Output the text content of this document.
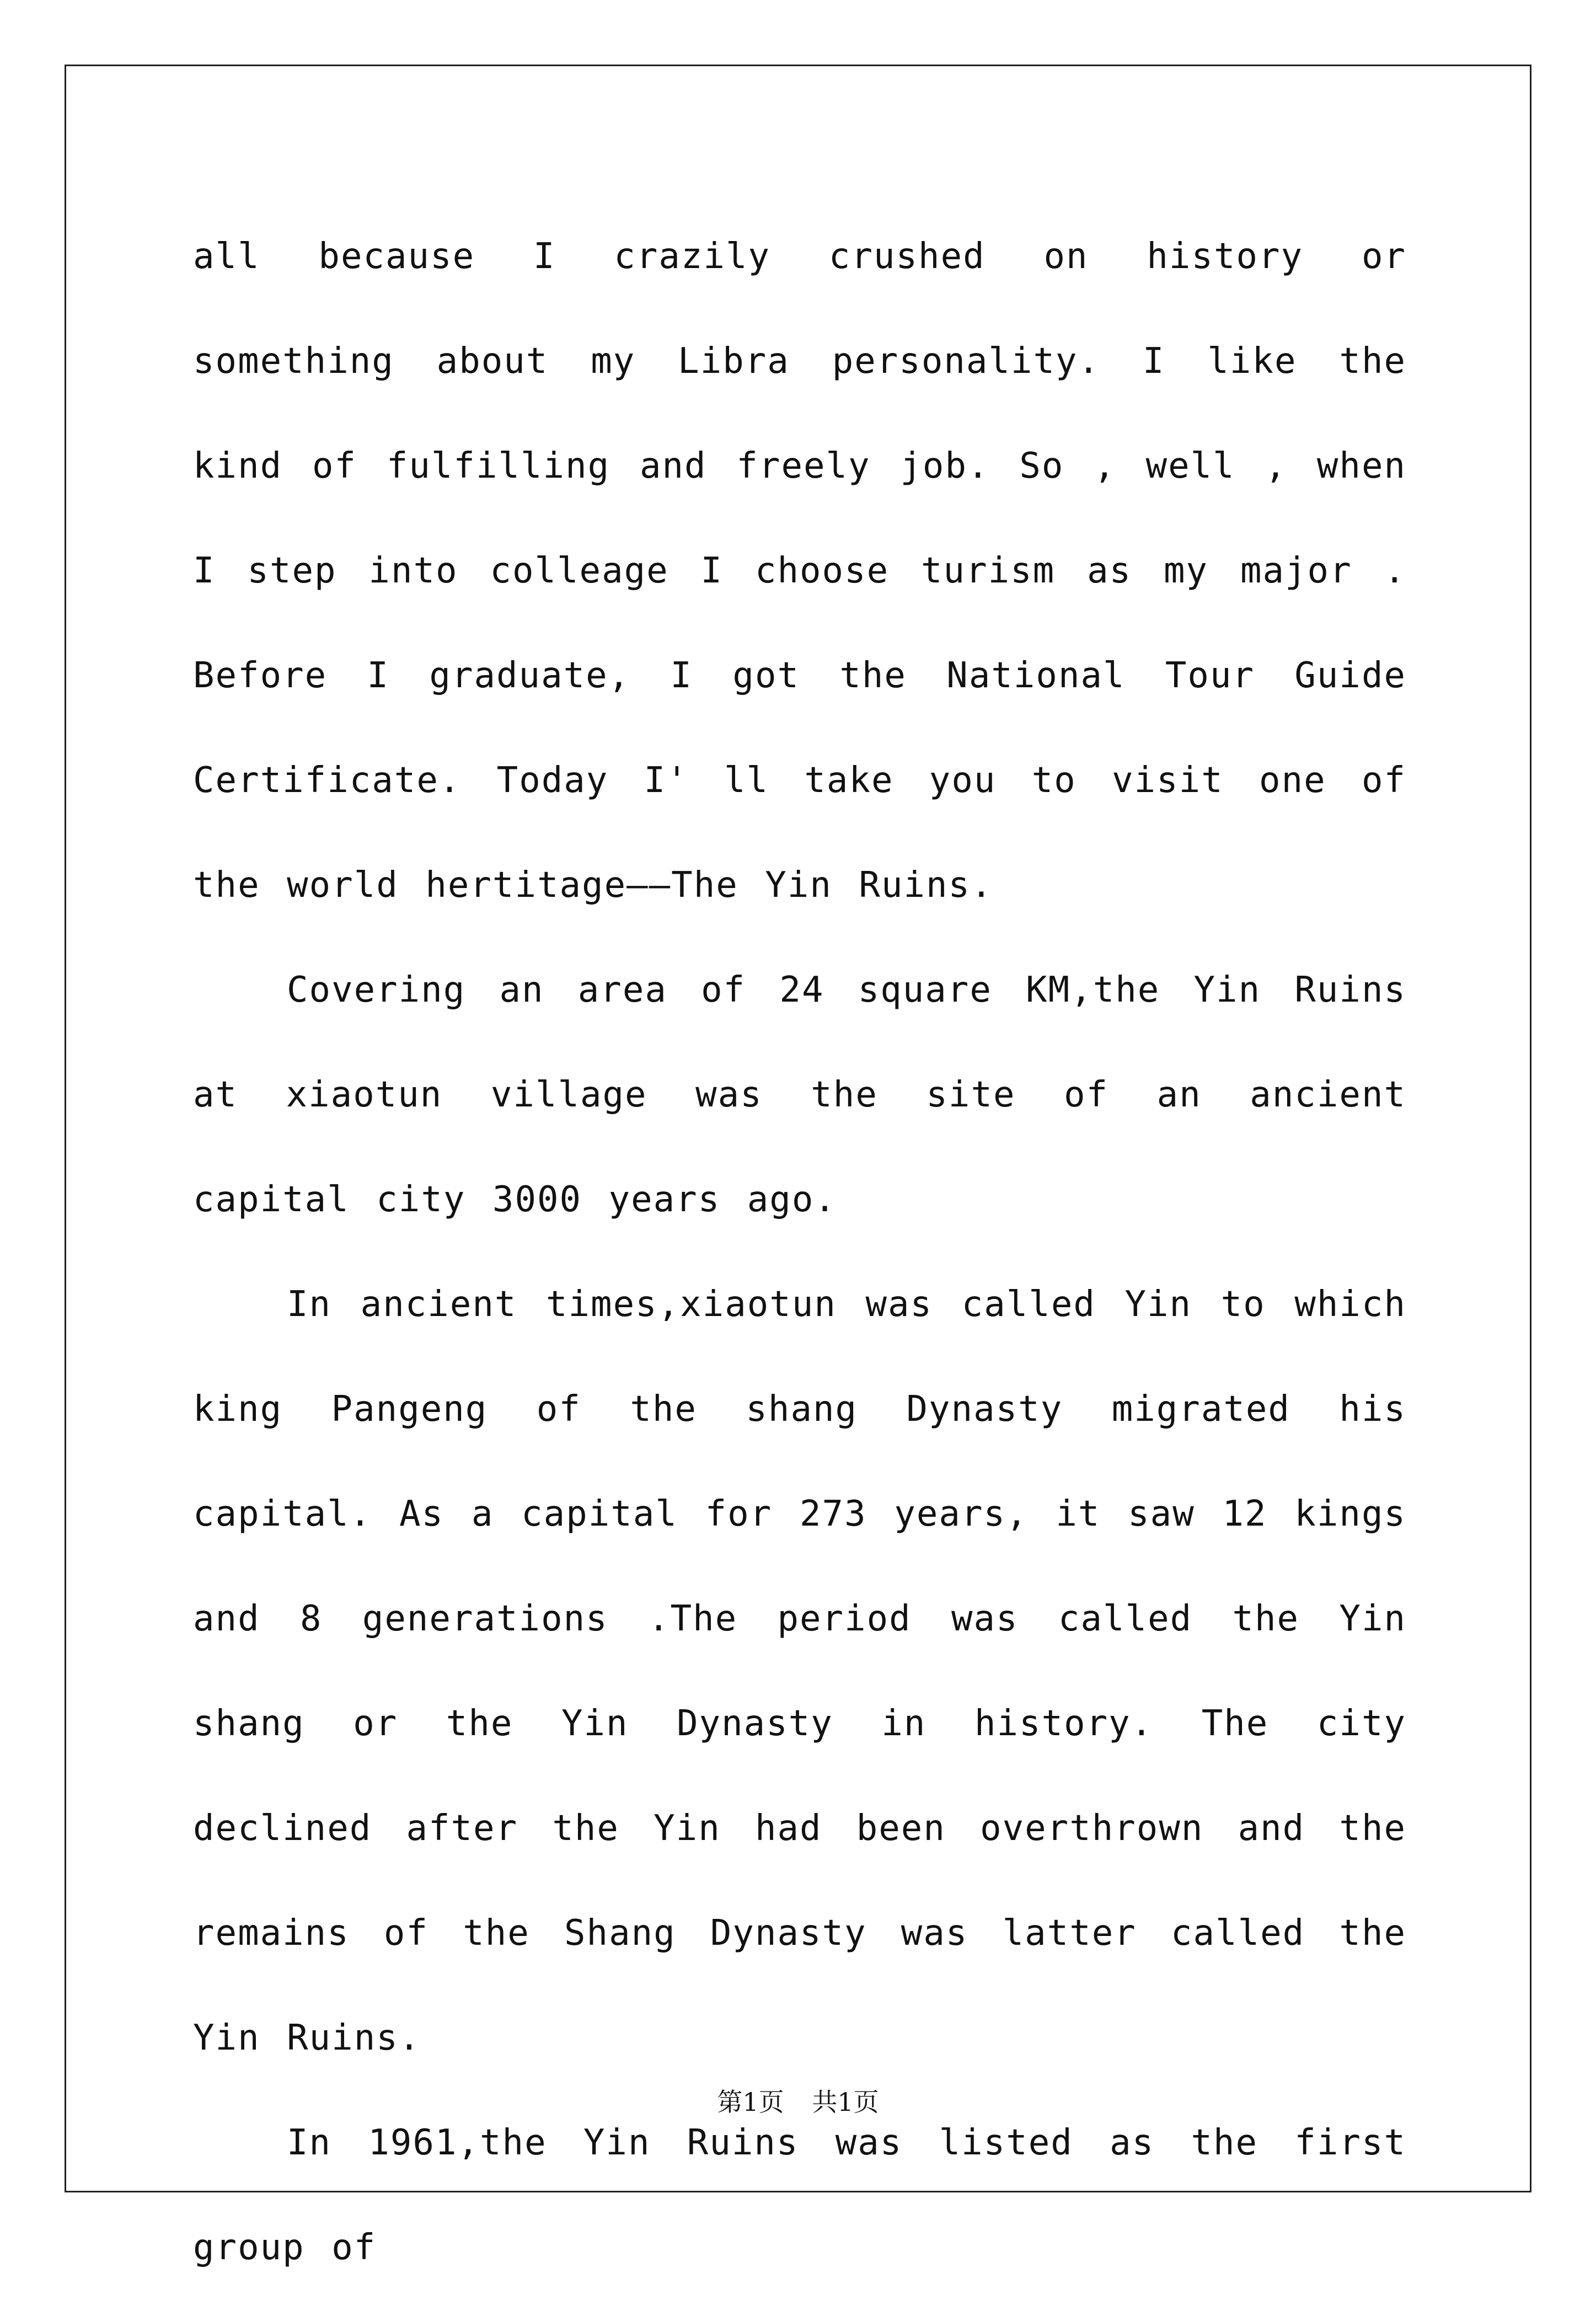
all because I crazily crushed on history or something about my Libra personality. I like the kind of fulfilling and freely job. So , well , when I step into colleage I choose turism as my major . Before I graduate, I got the National Tour Guide Certificate. Today I' ll take you to visit one of the world hertitage——The Yin Ruins.

Covering an area of 24 square KM,the Yin Ruins at xiaotun village was the site of an ancient capital city 3000 years ago.

In ancient times,xiaotun was called Yin to which king Pangeng of the shang Dynasty migrated his capital. As a capital for 273 years, it saw 12 kings and 8 generations .The period was called the Yin shang or the Yin Dynasty in history. The city declined after the Yin had been overthrown and the remains of the Shang Dynasty was latter called the Yin Ruins.

In 1961,the Yin Ruins was listed as the first group of

第1页 共1页
